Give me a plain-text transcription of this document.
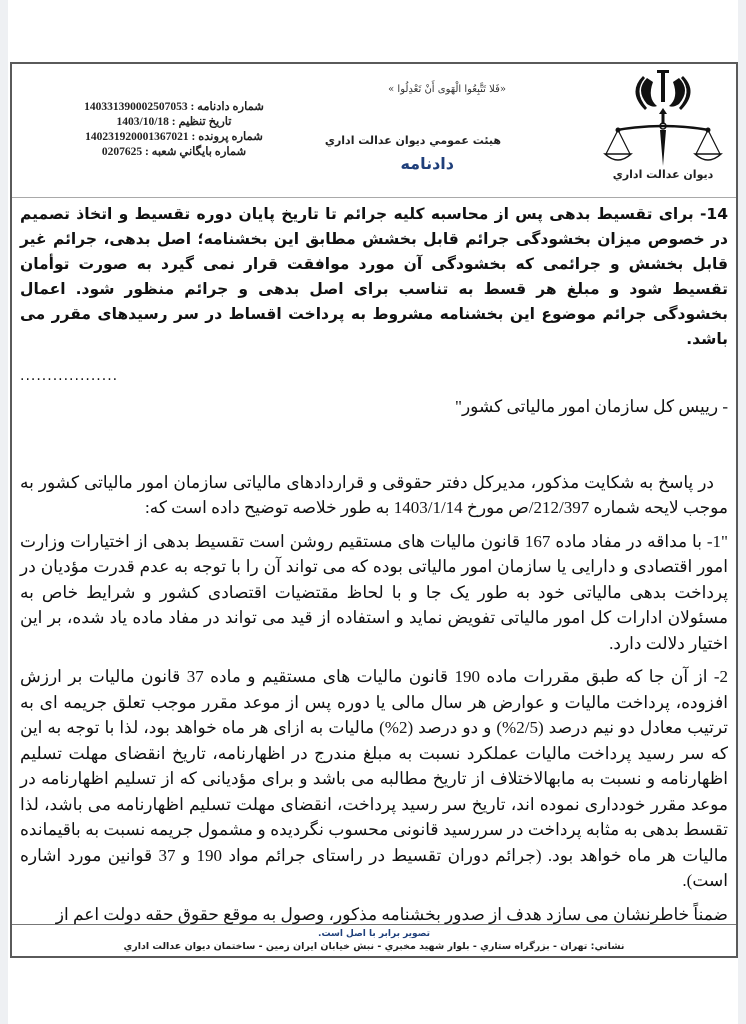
ديوان عدالت اداري
«فَلا تَتَّبِعُوا الْهَوی أَنْ تَعْدِلُوا »
هیئت عمومي ديوان عدالت اداري
دادنامه
شماره دادنامه : 140331390002507053
تاريخ تنظيم : 1403/10/18
شماره پرونده : 140231920001367021
شماره بايگاني شعبه : 0207625

14- برای تقسیط بدهی پس از محاسبه کلیه جرائم تا تاریخ پایان دوره تقسیط و اتخاذ تصمیم در خصوص میزان بخشودگی جرائم قابل بخشش مطابق این بخشنامه؛ اصل بدهی، جرائم غیر قابل بخشش و جرائمی که بخشودگی آن مورد موافقت قرار نمی گیرد به صورت توأمان تقسیط شود و مبلغ هر قسط به تناسب برای اصل بدهی و جرائم منظور شود. اعمال بخشودگی جرائم موضوع این بخشنامه مشروط به پرداخت اقساط در سر رسیدهای مقرر می باشد.

..................

- رییس کل سازمان امور مالیاتی کشور"

در پاسخ به شکایت مذکور، مدیرکل دفتر حقوقی و قراردادهای مالیاتی سازمان امور مالیاتی کشور به موجب لایحه شماره 212/397/ص مورخ 1403/1/14 به طور خلاصه توضیح داده است که:

"1- با مداقه در مفاد ماده 167 قانون مالیات های مستقیم روشن است تقسیط بدهی از اختیارات وزارت امور اقتصادی و دارایی یا سازمان امور مالیاتی بوده که می تواند آن را با توجه به عدم قدرت مؤدیان در پرداخت بدهی مالیاتی خود به طور یک جا و با لحاظ مقتضیات اقتصادی کشور و شرایط خاص به مسئولان ادارات کل امور مالیاتی تفویض نماید و استفاده از قید می تواند در مفاد ماده یاد شده، بر این اختیار دلالت دارد.

2- از آن جا که طبق مقررات ماده 190 قانون مالیات های مستقیم و ماده 37 قانون مالیات بر ارزش افزوده، پرداخت مالیات و عوارض هر سال مالی یا دوره پس از موعد مقرر موجب تعلق جریمه ای به ترتیب معادل دو نیم درصد (2/5%) و دو درصد (2%) مالیات به ازای هر ماه خواهد بود، لذا با توجه به این که سر رسید پرداخت مالیات عملکرد نسبت به مبلغ مندرج در اظهارنامه، تاریخ انقضای مهلت تسلیم اظهارنامه و نسبت به مابهالاختلاف از تاریخ مطالبه می باشد و برای مؤدیانی که از تسلیم اظهارنامه در موعد مقرر خودداری نموده اند، تاریخ سر رسید پرداخت، انقضای مهلت تسلیم اظهارنامه می باشد، لذا تقسط بدهی به مثابه پرداخت در سررسید قانونی محسوب نگردیده و مشمول جریمه نسبت به باقیمانده مالیات هر ماه خواهد بود. (جرائم دوران تقسیط در راستای جرائم مواد 190 و 37 قوانین مورد اشاره است).

ضمناً خاطرنشان می سازد هدف از صدور بخشنامه مذکور، وصول به موقع حقوق حقه دولت اعم از

تصوير برابر با اصل است.
نشاني: تهران - بزرگراه ستاري - بلوار شهيد مخبري - نبش خيابان ايران زمين - ساختمان ديوان عدالت اداري
